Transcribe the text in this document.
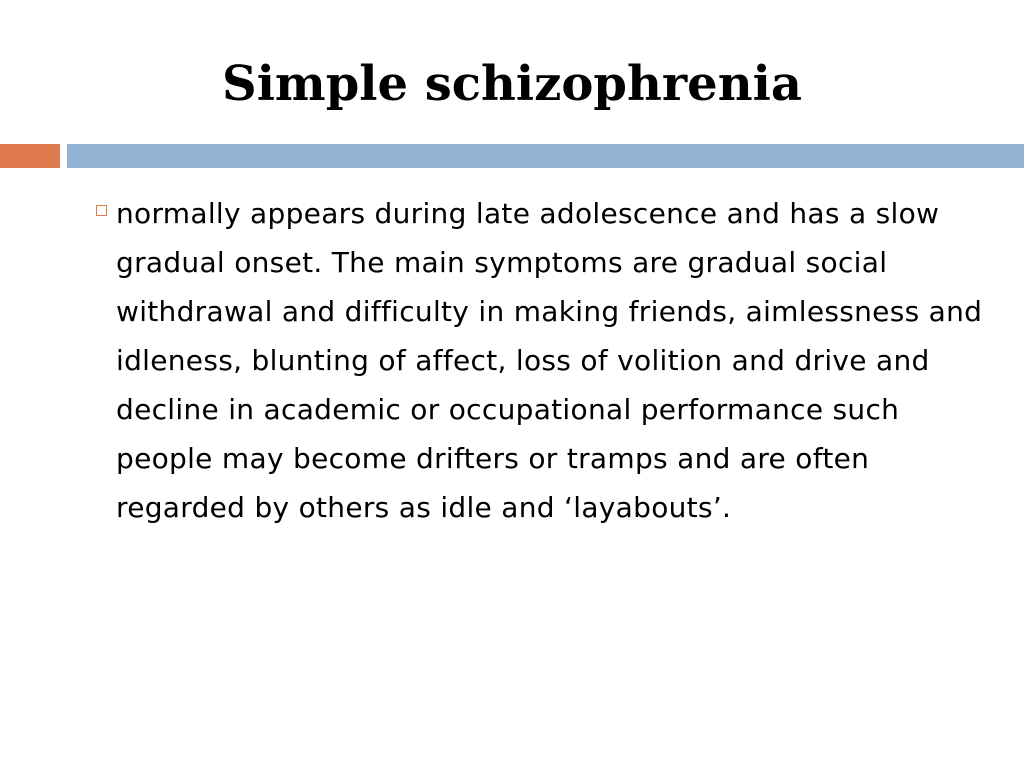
Simple schizophrenia
normally appears during late adolescence and has a slow gradual onset. The main symptoms are gradual social withdrawal and difficulty in making friends, aimlessness and idleness, blunting of affect, loss of volition and drive and decline in academic or occupational performance such people may become drifters or tramps and are often regarded by others as idle and ‘layabouts’.
